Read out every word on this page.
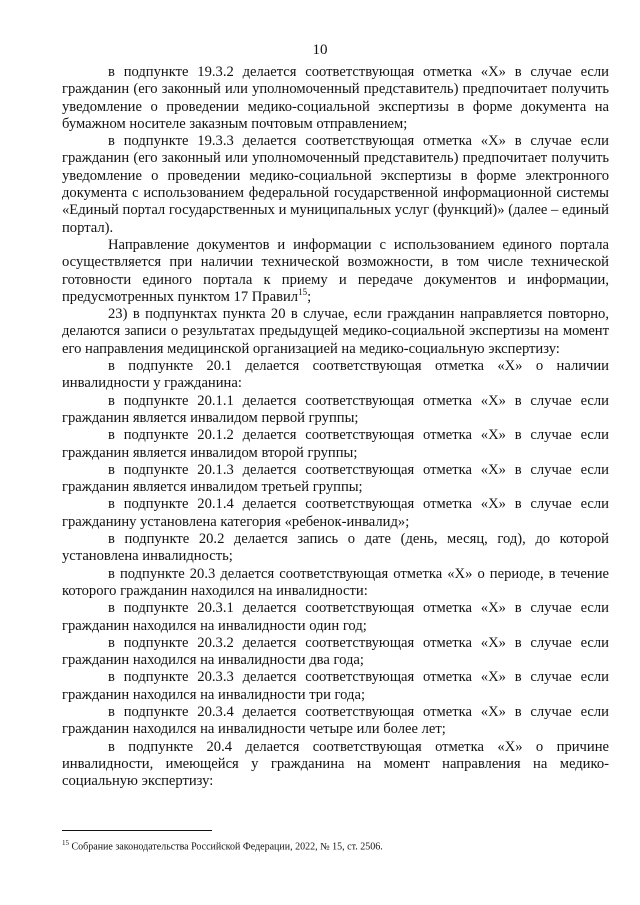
10

в подпункте 19.3.2 делается соответствующая отметка «Х» в случае если гражданин (его законный или уполномоченный представитель) предпочитает получить уведомление о проведении медико-социальной экспертизы в форме документа на бумажном носителе заказным почтовым отправлением;

в подпункте 19.3.3 делается соответствующая отметка «Х» в случае если гражданин (его законный или уполномоченный представитель) предпочитает получить уведомление о проведении медико-социальной экспертизы в форме электронного документа с использованием федеральной государственной информационной системы «Единый портал государственных и муниципальных услуг (функций)» (далее – единый портал).

Направление документов и информации с использованием единого портала осуществляется при наличии технической возможности, в том числе технической готовности единого портала к приему и передаче документов и информации, предусмотренных пунктом 17 Правил$^{15}$;

23) в подпунктах пункта 20 в случае, если гражданин направляется повторно, делаются записи о результатах предыдущей медико-социальной экспертизы на момент его направления медицинской организацией на медико-социальную экспертизу:

в подпункте 20.1 делается соответствующая отметка «Х» о наличии инвалидности у гражданина:

в подпункте 20.1.1 делается соответствующая отметка «Х» в случае если гражданин является инвалидом первой группы;

в подпункте 20.1.2 делается соответствующая отметка «Х» в случае если гражданин является инвалидом второй группы;

в подпункте 20.1.3 делается соответствующая отметка «Х» в случае если гражданин является инвалидом третьей группы;

в подпункте 20.1.4 делается соответствующая отметка «Х» в случае если гражданину установлена категория «ребенок-инвалид»;

в подпункте 20.2 делается запись о дате (день, месяц, год), до которой установлена инвалидность;

в подпункте 20.3 делается соответствующая отметка «Х» о периоде, в течение которого гражданин находился на инвалидности:

в подпункте 20.3.1 делается соответствующая отметка «Х» в случае если гражданин находился на инвалидности один год;

в подпункте 20.3.2 делается соответствующая отметка «Х» в случае если гражданин находился на инвалидности два года;

в подпункте 20.3.3 делается соответствующая отметка «Х» в случае если гражданин находился на инвалидности три года;

в подпункте 20.3.4 делается соответствующая отметка «Х» в случае если гражданин находился на инвалидности четыре или более лет;

в подпункте 20.4 делается соответствующая отметка «Х» о причине инвалидности, имеющейся у гражданина на момент направления на медико-социальную экспертизу:

$^{15}$ Собрание законодательства Российской Федерации, 2022, № 15, ст. 2506.
